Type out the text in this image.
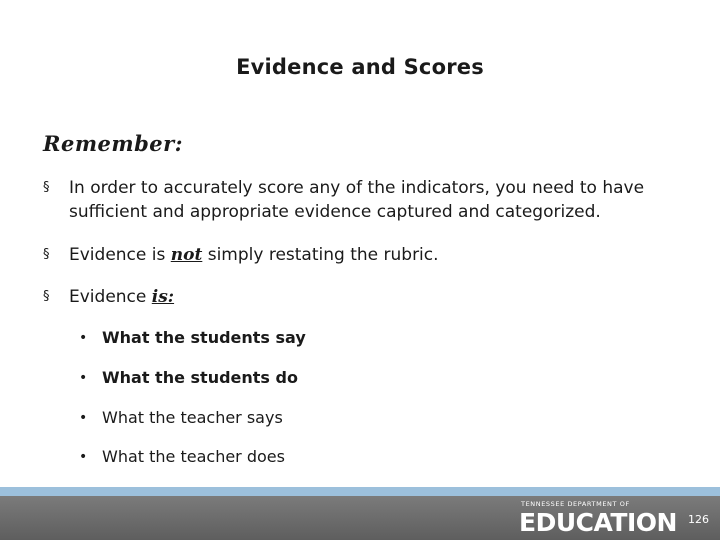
Evidence and Scores
Remember:
§	In order to accurately score any of the indicators, you need to have sufficient and appropriate evidence captured and categorized.
§	Evidence is not simply restating the rubric.
§	Evidence is:
• What the students say
• What the students do
• What the teacher says
• What the teacher does
TENNESSEE DEPARTMENT OF
EDUCATION 126
